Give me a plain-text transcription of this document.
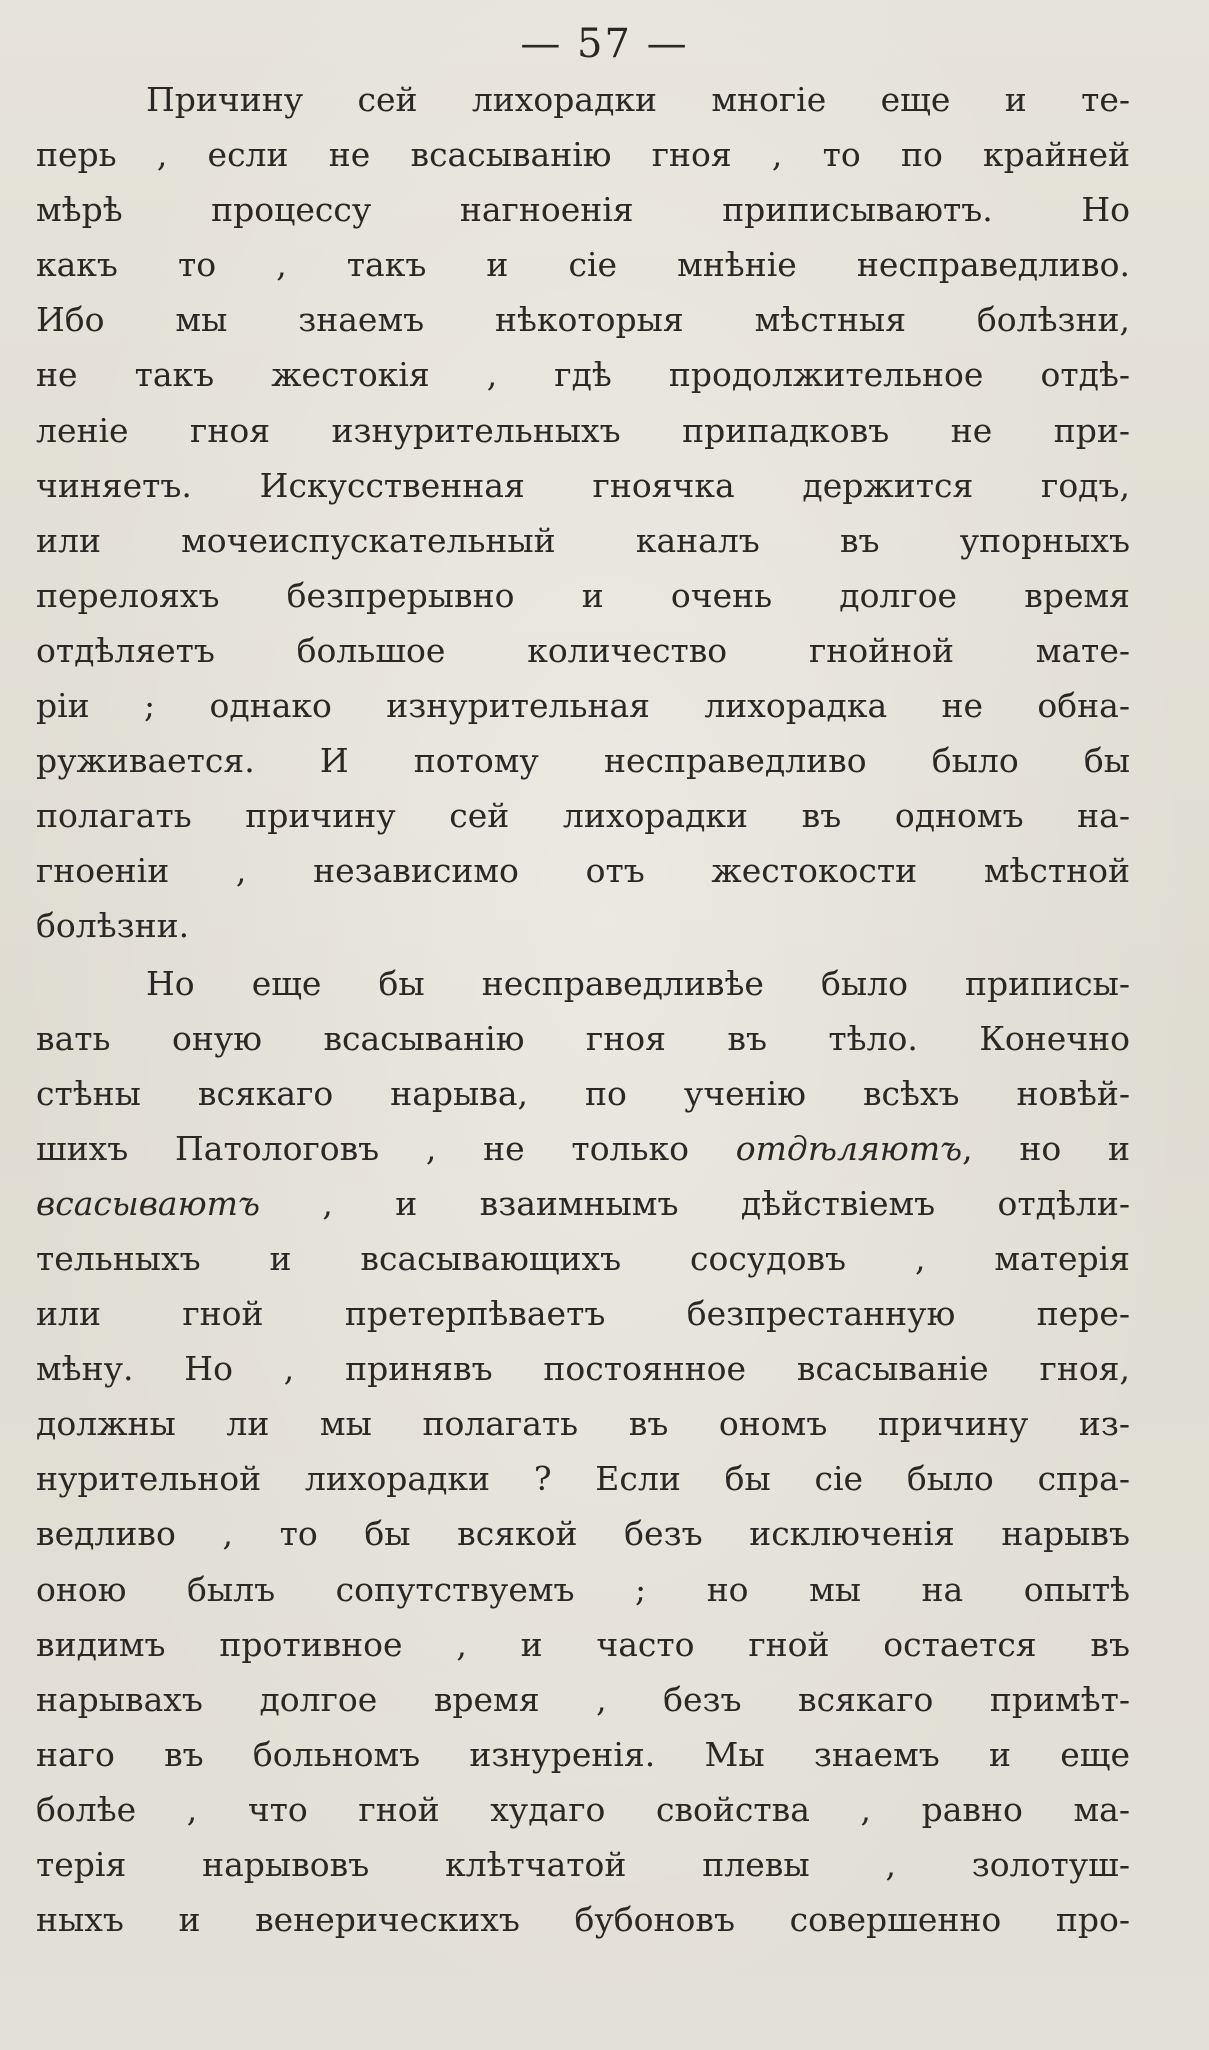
— 57 —
Причину сей лихорадки многіе еще и те-
перь , если не всасыванію гноя , то по крайней
мѣрѣ процессу нагноенія приписываютъ. Но
какъ то , такъ и сіе мнѣніе несправедливо.
Ибо мы знаемъ нѣкоторыя мѣстныя болѣзни,
не такъ жестокія , гдѣ продолжительное отдѣ-
леніе гноя изнурительныхъ припадковъ не при-
чиняетъ. Искусственная гноячка держится годъ,
или мочеиспускательный каналъ въ упорныхъ
перелояхъ безпрерывно и очень долгое время
отдѣляетъ большое количество гнойной мате-
ріи ; однако изнурительная лихорадка не обна-
руживается. И потому несправедливо было бы
полагать причину сей лихорадки въ одномъ на-
гноеніи , независимо отъ жестокости мѣстной
болѣзни.
Но еще бы несправедливѣе было приписы-
вать оную всасыванію гноя въ тѣло. Конечно
стѣны всякаго нарыва, по ученію всѣхъ новѣй-
шихъ Патологовъ , не только отдѣляютъ, но и
всасываютъ , и взаимнымъ дѣйствіемъ отдѣли-
тельныхъ и всасывающихъ сосудовъ , матерія
или гной претерпѣваетъ безпрестанную пере-
мѣну. Но , принявъ постоянное всасываніе гноя,
должны ли мы полагать въ ономъ причину из-
нурительной лихорадки ? Если бы сіе было спра-
ведливо , то бы всякой безъ исключенія нарывъ
оною былъ сопутствуемъ ; но мы на опытѣ
видимъ противное , и часто гной остается въ
нарывахъ долгое время , безъ всякаго примѣт-
наго въ больномъ изнуренія. Мы знаемъ и еще
болѣе , что гной худаго свойства , равно ма-
терія нарывовъ клѣтчатой плевы , золотуш-
ныхъ и венерическихъ бубоновъ совершенно про-
